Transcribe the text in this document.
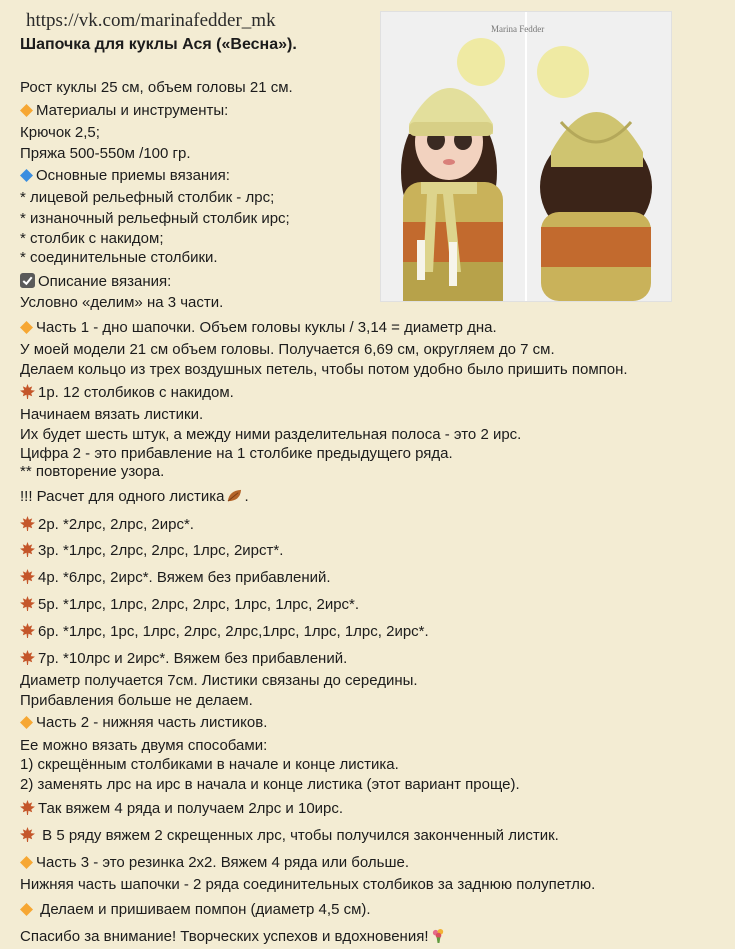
https://vk.com/marinafedder_mk
Шапочка для куклы Ася («Весна»).
Marina Fedder
Рост куклы 25 см, объем головы 21 см.
Материалы и инструменты:
Крючок 2,5;
Пряжа 500-550м /100 гр.
Основные приемы вязания:
* лицевой рельефный столбик - лрс;
* изнаночный рельефный столбик ирс;
* столбик с накидом;
* соединительные столбики.
Описание вязания:
Условно «делим» на 3 части.
Часть 1 - дно шапочки. Объем головы куклы / 3,14 = диаметр дна.
У моей модели 21 см объем головы. Получается 6,69 см, округляем до 7 см.
Делаем кольцо из трех воздушных петель, чтобы потом удобно было пришить помпон.
1р. 12 столбиков с накидом.
Начинаем вязать листики.
Их будет шесть штук, а между ними разделительная полоса - это 2 ирс.
Цифра 2 - это прибавление на 1 столбике предыдущего ряда.
** повторение узора.
!!! Расчет для одного листика .
2р. *2лрс, 2лрс, 2ирс*.
3р. *1лрс, 2лрс, 2лрс, 1лрс, 2ирст*.
4р. *6лрс, 2ирс*. Вяжем без прибавлений.
5р. *1лрс, 1лрс, 2лрс, 2лрс, 1лрс, 1лрс, 2ирс*.
6р. *1лрс, 1рс, 1лрс, 2лрс, 2лрс,1лрс, 1лрс, 1лрс, 2ирс*.
7р. *10лрс и 2ирс*. Вяжем без прибавлений.
Диаметр получается 7см. Листики связаны до середины.
Прибавления больше не делаем.
Часть 2 - нижняя часть листиков.
Ее можно вязать двумя способами:
1) скрещённым столбиками в начале и конце листика.
2) заменять лрс на ирс в начала и конце листика (этот вариант проще).
Так вяжем 4 ряда и получаем 2лрс и 10ирс.
В 5 ряду вяжем 2 скрещенных лрс, чтобы получился законченный листик.
Часть 3 - это резинка 2х2. Вяжем 4 ряда или больше.
Нижняя часть шапочки - 2 ряда соединительных столбиков за заднюю полупетлю.
Делаем и пришиваем помпон (диаметр 4,5 см).
Спасибо за внимание! Творческих успехов и вдохновения!
